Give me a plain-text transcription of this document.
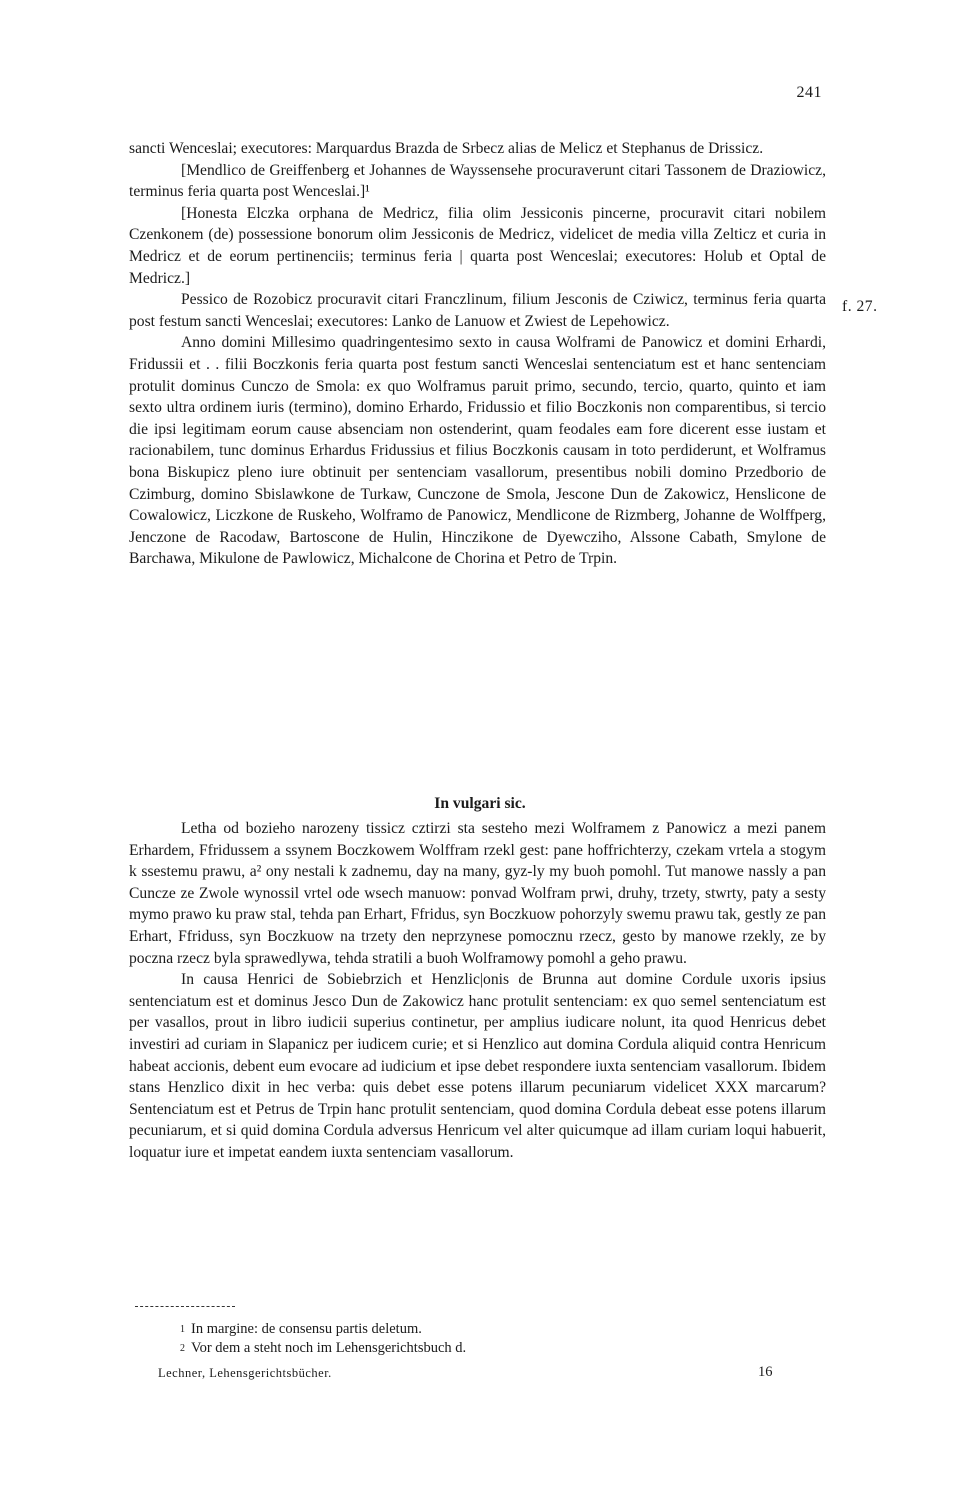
241

sancti Wenceslai; executores: Marquardus Brazda de Srbecz alias de Melicz et Stephanus de Drissicz.

[Mendlico de Greiffenberg et Johannes de Wayssensehe procuraverunt citari Tassonem de Draziowicz, terminus feria quarta post Wenceslai.]¹

[Honesta Elczka orphana de Medricz, filia olim Jessiconis pincerne, procuravit citari nobilem Czenkonem (de) possessione bonorum olim Jessiconis de Medricz, videlicet de media villa Zelticz et curia in Medricz et de eorum pertinenciis; terminus feria | quarta post Wenceslai; executores: Holub et Optal de Medricz.]

Pessico de Rozobicz procuravit citari Franczlinum, filium Jesconis de Cziwicz, terminus feria quarta post festum sancti Wenceslai; executores: Lanko de Lanuow et Zwiest de Lepehowicz.

Anno domini Millesimo quadringentesimo sexto in causa Wolframi de Panowicz et domini Erhardi, Fridussii et . . filii Boczkonis feria quarta post festum sancti Wenceslai sentenciatum est et hanc sentenciam protulit dominus Cunczo de Smola: ex quo Wolframus paruit primo, secundo, tercio, quarto, quinto et iam sexto ultra ordinem iuris (termino), domino Erhardo, Fridussio et filio Boczkonis non comparentibus, si tercio die ipsi legitimam eorum cause absenciam non ostenderint, quam feodales eam fore dicerent esse iustam et racionabilem, tunc dominus Erhardus Fridussius et filius Boczkonis causam in toto perdiderunt, et Wolframus bona Biskupicz pleno iure obtinuit per sentenciam vasallorum, presentibus nobili domino Przedborio de Czimburg, domino Sbislawkone de Turkaw, Cunczone de Smola, Jescone Dun de Zakowicz, Henslicone de Cowalowicz, Liczkone de Ruskeho, Wolframo de Panowicz, Mendlicone de Rizmberg, Johanne de Wolffperg, Jenczone de Racodaw, Bartoscone de Hulin, Hinczikone de Dyewcziho, Alssone Cabath, Smylone de Barchawa, Mikulone de Pawlowicz, Michalcone de Chorina et Petro de Trpin.

f. 27.
In vulgari sic.

Letha od bozieho narozeny tissicz cztirzi sta sesteho mezi Wolframem z Panowicz a mezi panem Erhardem, Ffridussem a ssynem Boczkowem Wolffram rzekl gest: pane hoffrichterzy, czekam vrtela a stogym k ssestemu prawu, a² ony nestali k zadnemu, day na many, gyz-ly my buoh pomohl. Tut manowe nassly a pan Cuncze ze Zwole wynossil vrtel ode wsech manuow: ponvad Wolfram prwi, druhy, trzety, stwrty, paty a sesty mymo prawo ku praw stal, tehda pan Erhart, Ffridus, syn Boczkuow pohorzyly swemu prawu tak, gestly ze pan Erhart, Ffriduss, syn Boczkuow na trzety den neprzynese pomocznu rzecz, gesto by manowe rzekly, ze by poczna rzecz byla sprawedlywa, tehda stratili a buoh Wolframowy pomohl a geho prawu.

In causa Henrici de Sobiebrzich et Henzlic|onis de Brunna aut domine Cordule uxoris ipsius sentenciatum est et dominus Jesco Dun de Zakowicz hanc protulit sentenciam: ex quo semel sentenciatum est per vasallos, prout in libro iudicii superius continetur, per amplius iudicare nolunt, ita quod Henricus debet investiri ad curiam in Slapanicz per iudicem curie; et si Henzlico aut domina Cordula aliquid contra Henricum habeat accionis, debent eum evocare ad iudicium et ipse debet respondere iuxta sentenciam vasallorum. Ibidem stans Henzlico dixit in hec verba: quis debet esse potens illarum pecuniarum videlicet XXX marcarum? Sentenciatum est et Petrus de Trpin hanc protulit sentenciam, quod domina Cordula debeat esse potens illarum pecuniarum, et si quid domina Cordula adversus Henricum vel alter quicumque ad illam curiam loqui habuerit, loquatur iure et impetat eandem iuxta sentenciam vasallorum.

$^1$ In margine: de consensu partis deletum.

$^2$ Vor dem a steht noch im Lehensgerichtsbuch d.

Lechner, Lehensgerichtsbücher.	16
